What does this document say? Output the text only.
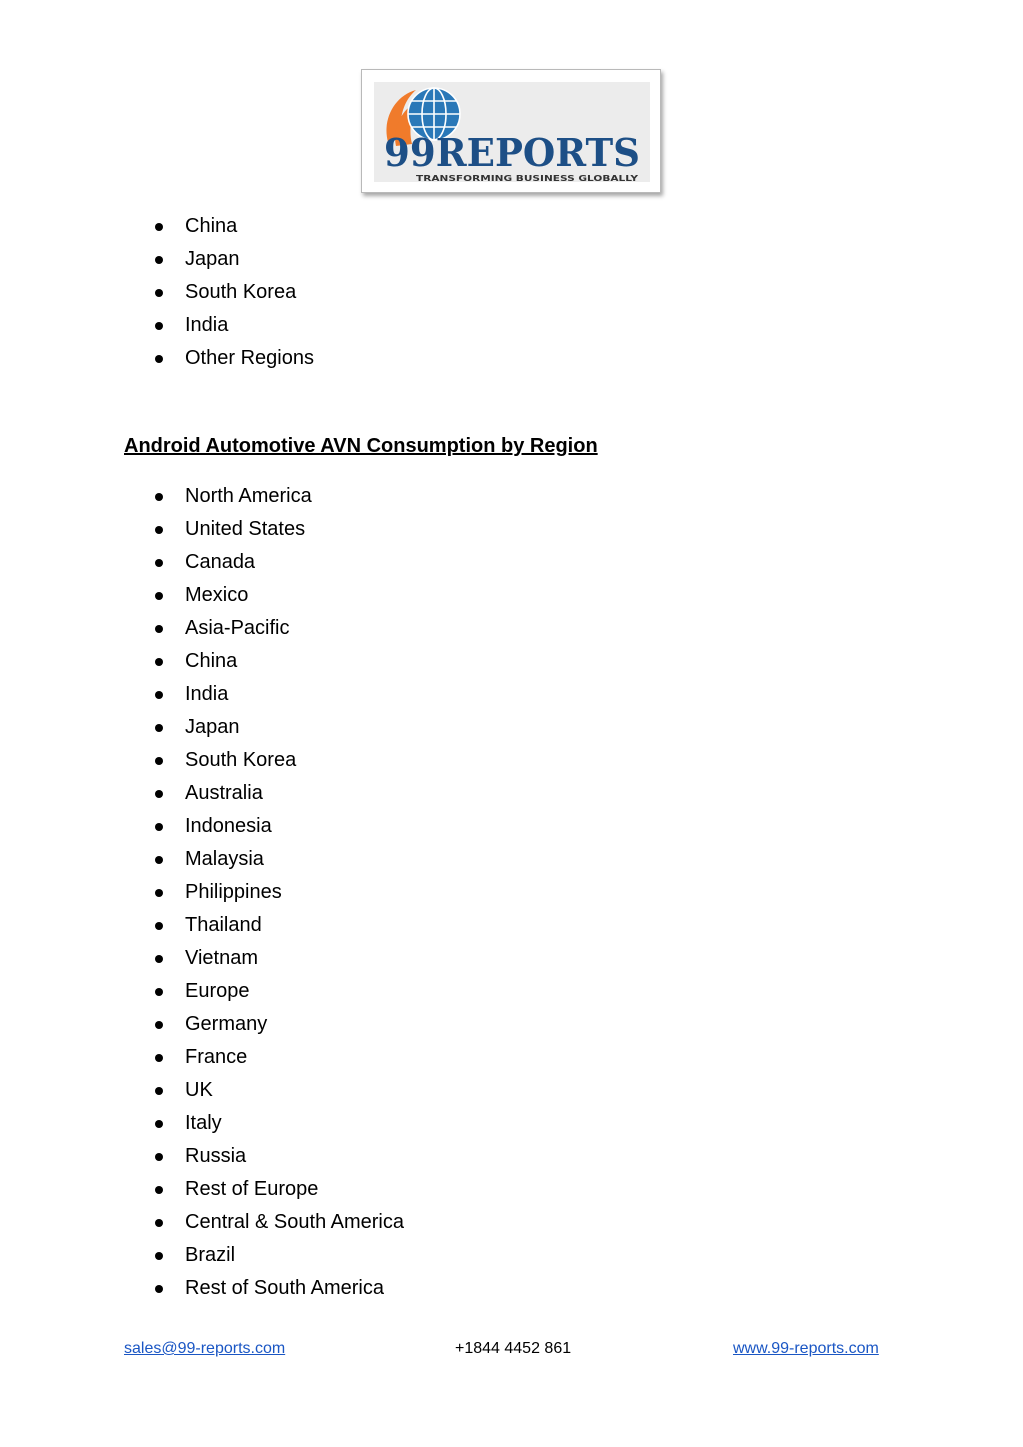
99REPORTS
TRANSFORMING BUSINESS GLOBALLY
China
Japan
South Korea
India
Other Regions
Android Automotive AVN Consumption by Region
North America
United States
Canada
Mexico
Asia-Pacific
China
India
Japan
South Korea
Australia
Indonesia
Malaysia
Philippines
Thailand
Vietnam
Europe
Germany
France
UK
Italy
Russia
Rest of Europe
Central & South America
Brazil
Rest of South America
sales@99-reports.com	+1844 4452 861	www.99-reports.com
